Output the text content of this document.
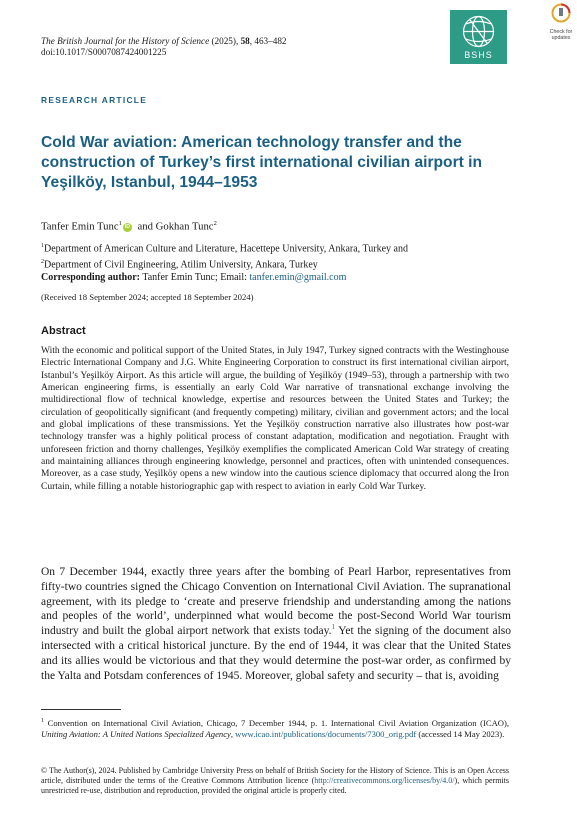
The British Journal for the History of Science (2025), 58, 463–482
doi:10.1017/S0007087424001225	BSHS
Check for updates
RESEARCH ARTICLE
Cold War aviation: American technology transfer and the construction of Turkey’s first international civilian airport in Yeşilköy, Istanbul, 1944–1953
Tanfer Emin Tunc$^1$ iD and Gokhan Tunc$^2$
$^1$Department of American Culture and Literature, Hacettepe University, Ankara, Turkey and
$^2$Department of Civil Engineering, Atilim University, Ankara, Turkey
Corresponding author: Tanfer Emin Tunc; Email: tanfer.emin@gmail.com
(Received 18 September 2024; accepted 18 September 2024)
Abstract

With the economic and political support of the United States, in July 1947, Turkey signed contracts with the Westinghouse Electric International Company and J.G. White Engineering Corporation to construct its first international civilian airport, Istanbul’s Yeşilköy Airport. As this article will argue, the building of Yeşilköy (1949–53), through a partnership with two American engineering firms, is essentially an early Cold War narrative of transnational exchange involving the multidirectional flow of technical knowledge, expertise and resources between the United States and Turkey; the circulation of geopolitically significant (and frequently competing) military, civilian and government actors; and the local and global implications of these transmissions. Yet the Yeşilköy construction narrative also illustrates how post-war technology transfer was a highly political process of constant adaptation, modification and negotiation. Fraught with unforeseen friction and thorny challenges, Yeşilköy exemplifies the complicated American Cold War strategy of creating and maintaining alliances through engineering knowledge, personnel and practices, often with unintended consequences. Moreover, as a case study, Yeşilköy opens a new window into the cautious science diplomacy that occurred along the Iron Curtain, while filling a notable historiographic gap with respect to aviation in early Cold War Turkey.

On 7 December 1944, exactly three years after the bombing of Pearl Harbor, representatives from fifty-two countries signed the Chicago Convention on International Civil Aviation. The supranational agreement, with its pledge to ‘create and preserve friendship and understanding among the nations and peoples of the world’, underpinned what would become the post-Second World War tourism industry and built the global airport network that exists today.$^1$ Yet the signing of the document also intersected with a critical historical juncture. By the end of 1944, it was clear that the United States and its allies would be victorious and that they would determine the post-war order, as confirmed by the Yalta and Potsdam conferences of 1945. Moreover, global safety and security – that is, avoiding

$^1$ Convention on International Civil Aviation, Chicago, 7 December 1944, p. 1. International Civil Aviation Organization (ICAO), Uniting Aviation: A United Nations Specialized Agency, www.icao.int/publications/documents/7300_orig.pdf (accessed 14 May 2023).

© The Author(s), 2024. Published by Cambridge University Press on behalf of British Society for the History of Science. This is an Open Access article, distributed under the terms of the Creative Commons Attribution licence (http://creativecommons.org/licenses/by/4.0/), which permits unrestricted re-use, distribution and reproduction, provided the original article is properly cited.
